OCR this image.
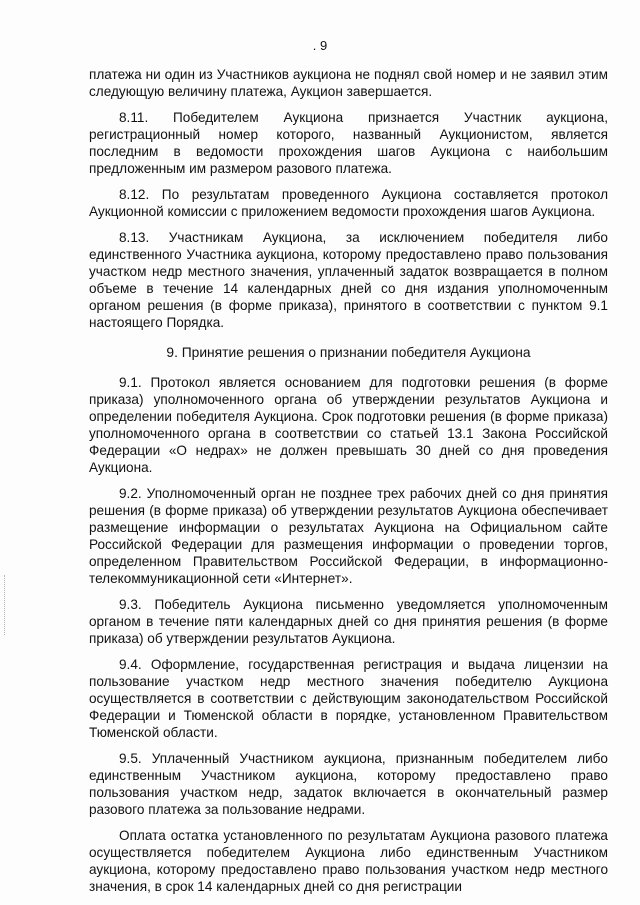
. 9

платежа ни один из Участников аукциона не поднял свой номер и не заявил этим следующую величину платежа, Аукцион завершается.

8.11. Победителем Аукциона признается Участник аукциона, регистрационный номер которого, названный Аукционистом, является последним в ведомости прохождения шагов Аукциона с наибольшим предложенным им размером разового платежа.

8.12. По результатам проведенного Аукциона составляется протокол Аукционной комиссии с приложением ведомости прохождения шагов Аукциона.

8.13. Участникам Аукциона, за исключением победителя либо единственного Участника аукциона, которому предоставлено право пользования участком недр местного значения, уплаченный задаток возвращается в полном объеме в течение 14 календарных дней со дня издания уполномоченным органом решения (в форме приказа), принятого в соответствии с пунктом 9.1 настоящего Порядка.

9. Принятие решения о признании победителя Аукциона

9.1. Протокол является основанием для подготовки решения (в форме приказа) уполномоченного органа об утверждении результатов Аукциона и определении победителя Аукциона. Срок подготовки решения (в форме приказа) уполномоченного органа в соответствии со статьей 13.1 Закона Российской Федерации «О недрах» не должен превышать 30 дней со дня проведения Аукциона.

9.2. Уполномоченный орган не позднее трех рабочих дней со дня принятия решения (в форме приказа) об утверждении результатов Аукциона обеспечивает размещение информации о результатах Аукциона на Официальном сайте Российской Федерации для размещения информации о проведении торгов, определенном Правительством Российской Федерации, в информационно-телекоммуникационной сети «Интернет».

9.3. Победитель Аукциона письменно уведомляется уполномоченным органом в течение пяти календарных дней со дня принятия решения (в форме приказа) об утверждении результатов Аукциона.

9.4. Оформление, государственная регистрация и выдача лицензии на пользование участком недр местного значения победителю Аукциона осуществляется в соответствии с действующим законодательством Российской Федерации и Тюменской области в порядке, установленном Правительством Тюменской области.

9.5. Уплаченный Участником аукциона, признанным победителем либо единственным Участником аукциона, которому предоставлено право пользования участком недр, задаток включается в окончательный размер разового платежа за пользование недрами.

Оплата остатка установленного по результатам Аукциона разового платежа осуществляется победителем Аукциона либо единственным Участником аукциона, которому предоставлено право пользования участком недр местного значения, в срок 14 календарных дней со дня регистрации
